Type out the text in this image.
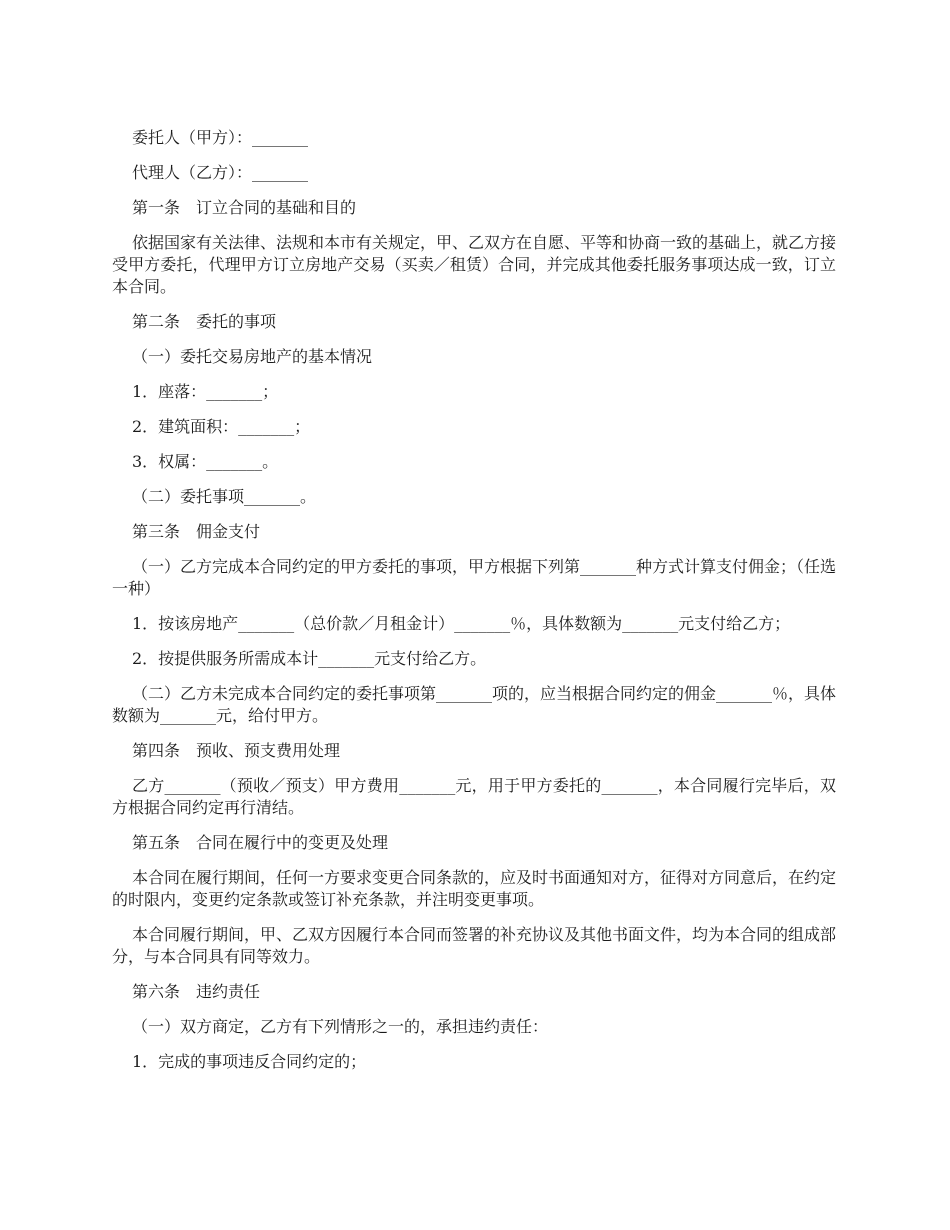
委托人（甲方）：_______

代理人（乙方）：_______

第一条　订立合同的基础和目的

依据国家有关法律、法规和本市有关规定，甲、乙双方在自愿、平等和协商一致的基础上，就乙方接受甲方委托，代理甲方订立房地产交易（买卖／租赁）合同，并完成其他委托服务事项达成一致，订立本合同。

第二条　委托的事项

（一）委托交易房地产的基本情况

1．座落：_______；

2．建筑面积：_______；

3．权属：_______。

（二）委托事项_______。

第三条　佣金支付

（一）乙方完成本合同约定的甲方委托的事项，甲方根据下列第_______种方式计算支付佣金；（任选一种）

1．按该房地产_______（总价款／月租金计）_______％，具体数额为_______元支付给乙方；

2．按提供服务所需成本计_______元支付给乙方。

（二）乙方未完成本合同约定的委托事项第_______项的，应当根据合同约定的佣金_______％，具体数额为_______元，给付甲方。

第四条　预收、预支费用处理

乙方_______（预收／预支）甲方费用_______元，用于甲方委托的_______，本合同履行完毕后，双方根据合同约定再行清结。

第五条　合同在履行中的变更及处理

本合同在履行期间，任何一方要求变更合同条款的，应及时书面通知对方，征得对方同意后，在约定的时限内，变更约定条款或签订补充条款，并注明变更事项。

本合同履行期间，甲、乙双方因履行本合同而签署的补充协议及其他书面文件，均为本合同的组成部分，与本合同具有同等效力。

第六条　违约责任

（一）双方商定，乙方有下列情形之一的，承担违约责任：

1．完成的事项违反合同约定的；
